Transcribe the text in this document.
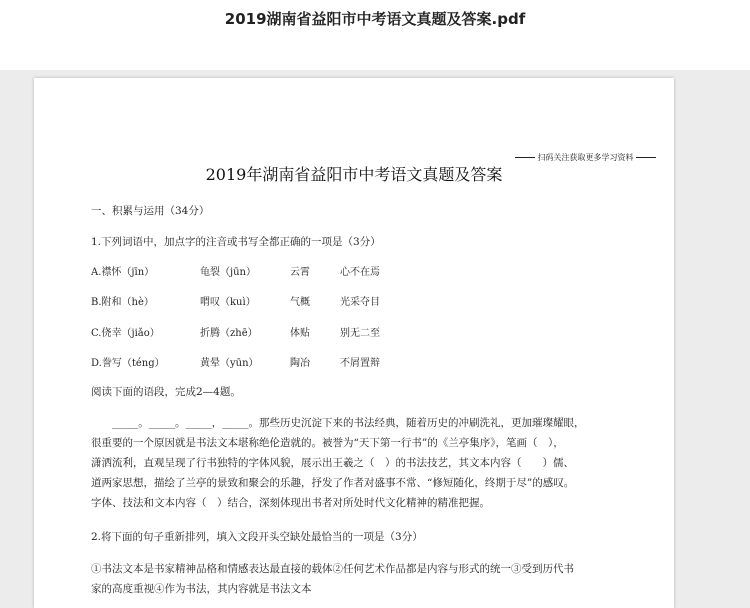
2019湖南省益阳市中考语文真题及答案.pdf
扫码关注获取更多学习资料
2019年湖南省益阳市中考语文真题及答案
一、积累与运用（34分）
1.下列词语中，加点字的注音或书写全都正确的一项是（3分）
A.襟怀（jīn）	龟裂（jūn）	云霄	心不在焉
B.附和（hè）	喟叹（kuì）	气概	光采夺目
C.侥幸（jiǎo）	折腾（zhē）	体贴	别无二至
D.誊写（téng）	黄晕（yūn）	陶冶	不屑置辩
阅读下面的语段，完成2—4题。

　　_____。_____。_____，_____。那些历史沉淀下来的书法经典，随着历史的冲刷洗礼，更加璀璨耀眼，

很重要的一个原因就是书法文本堪称绝伦造就的。被誉为“天下第一行书”的《兰亭集序》，笔画（　），

潇洒流利，直观呈现了行书独特的字体风貌，展示出王羲之（　）的书法技艺，其文本内容（　　）儒、

道两家思想，描绘了兰亭的景致和聚会的乐趣，抒发了作者对盛事不常、“修短随化，终期于尽”的感叹。

字体、技法和文本内容（　）结合，深刻体现出书者对所处时代文化精神的精准把握。

2.将下面的句子重新排列，填入文段开头空缺处最恰当的一项是（3分）
①书法文本是书家精神品格和情感表达最直接的载体②任何艺术作品都是内容与形式的统一③受到历代书
家的高度重视④作为书法，其内容就是书法文本
